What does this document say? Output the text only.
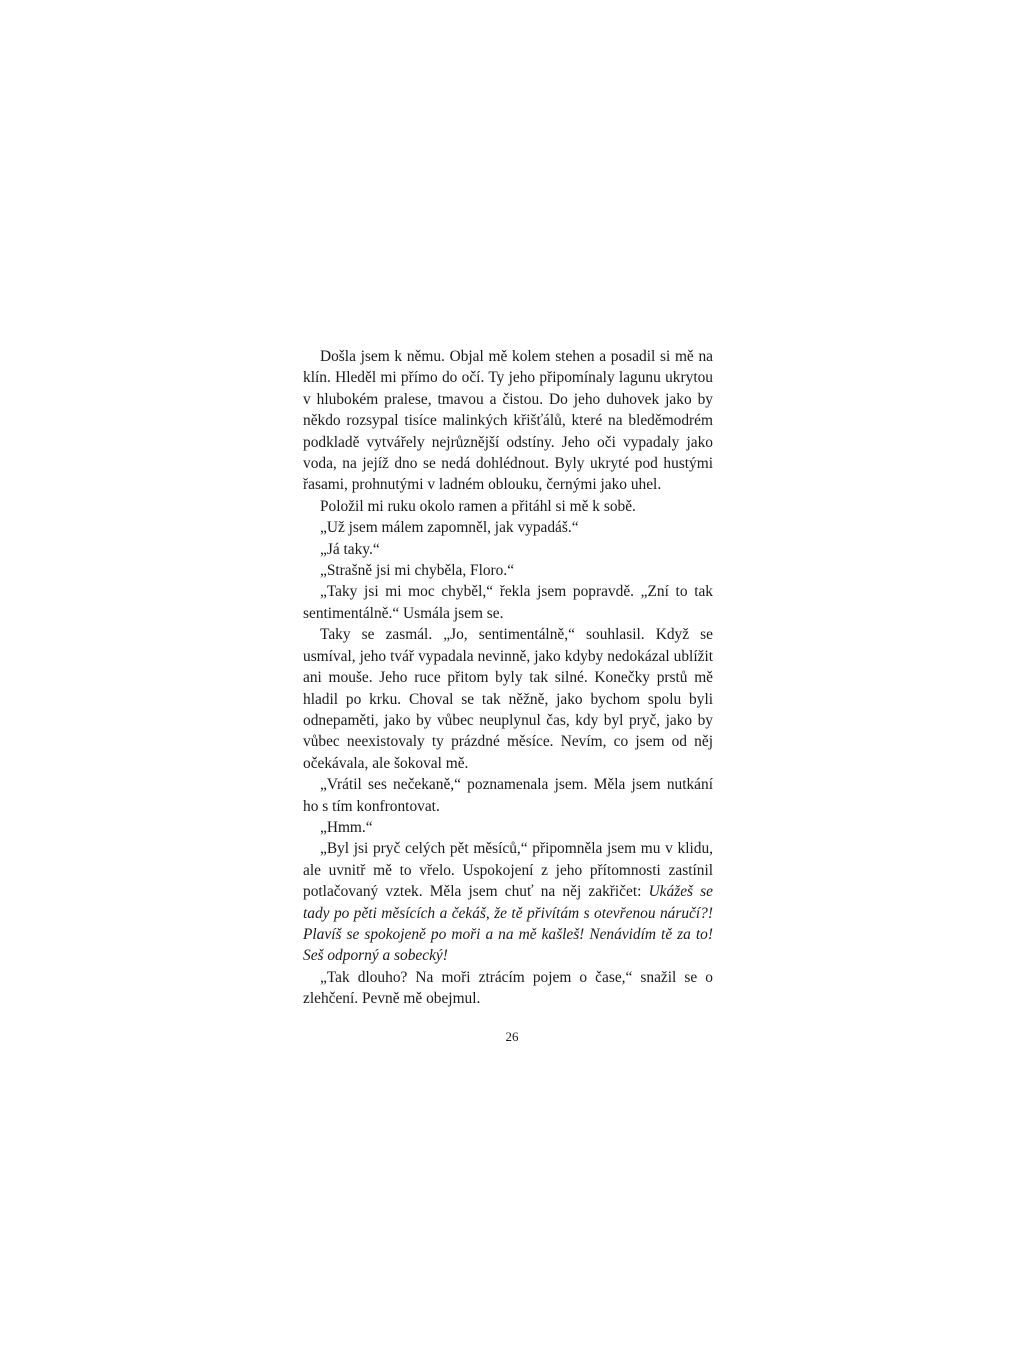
Došla jsem k němu. Objal mě kolem stehen a posadil si mě na klín. Hleděl mi přímo do očí. Ty jeho připomínaly lagunu ukrytou v hlubokém pralese, tmavou a čistou. Do jeho duhovek jako by někdo rozsypal tisíce malinkých křišťálů, které na bleděmodrém podkladě vytvářely nejrůznější odstíny. Jeho oči vypadaly jako voda, na jejíž dno se nedá dohlédnout. Byly ukryté pod hustými řasami, prohnutými v ladném oblouku, černými jako uhel.

Položil mi ruku okolo ramen a přitáhl si mě k sobě.

„Už jsem málem zapomněl, jak vypadáš.“

„Já taky.“

„Strašně jsi mi chyběla, Floro.“

„Taky jsi mi moc chyběl,“ řekla jsem popravdě. „Zní to tak sentimentálně.“ Usmála jsem se.

Taky se zasmál. „Jo, sentimentálně,“ souhlasil. Když se usmíval, jeho tvář vypadala nevinně, jako kdyby nedokázal ublížit ani mouše. Jeho ruce přitom byly tak silné. Konečky prstů mě hladil po krku. Choval se tak něžně, jako bychom spolu byli odnepaměti, jako by vůbec neuplynul čas, kdy byl pryč, jako by vůbec neexistovaly ty prázdné měsíce. Nevím, co jsem od něj očekávala, ale šokoval mě.

„Vrátil ses nečekaně,“ poznamenala jsem. Měla jsem nutkání ho s tím konfrontovat.

„Hmm.“

„Byl jsi pryč celých pět měsíců,“ připomněla jsem mu v klidu, ale uvnitř mě to vřelo. Uspokojení z jeho přítomnosti zastínil potlačovaný vztek. Měla jsem chuť na něj zakřičet: Ukážeš se tady po pěti měsících a čekáš, že tě přivítám s otevřenou náručí?! Plavíš se spokojeně po moři a na mě kašleš! Nenávidím tě za to! Seš odporný a sobecký!

„Tak dlouho? Na moři ztrácím pojem o čase,“ snažil se o zlehčení. Pevně mě obejmul.

26
